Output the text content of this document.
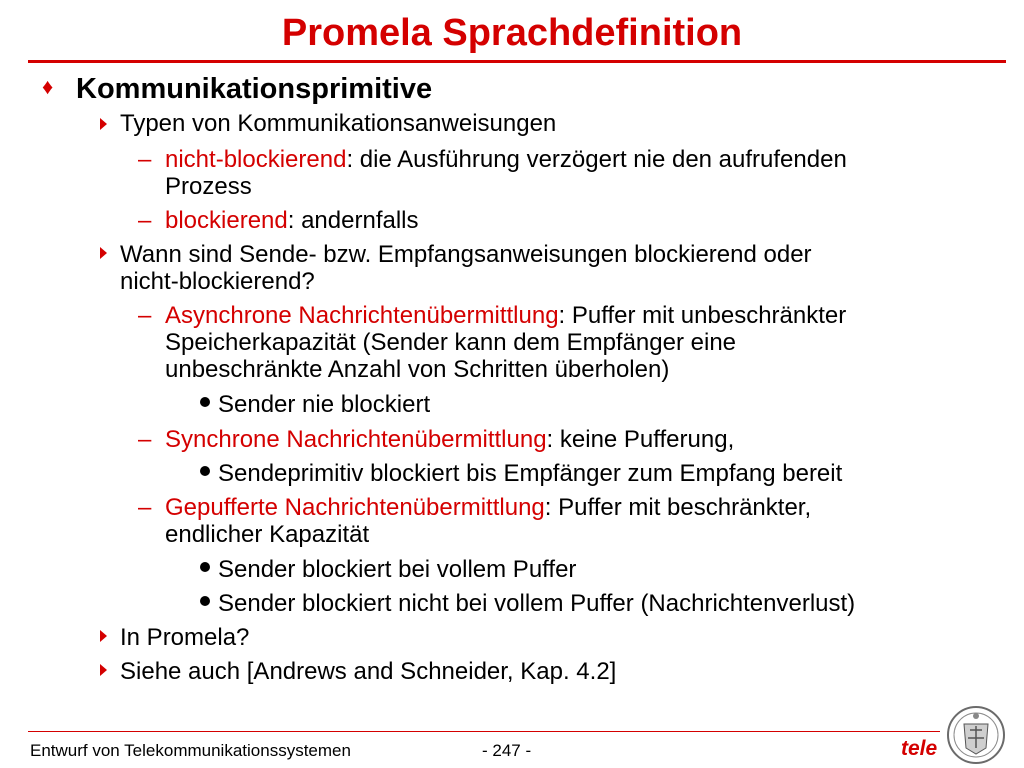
Promela Sprachdefinition
♦ Kommunikationsprimitive
Typen von Kommunikationsanweisungen
– nicht-blockierend: die Ausführung verzögert nie den aufrufenden
Prozess
– blockierend: andernfalls
Wann sind Sende- bzw. Empfangsanweisungen blockierend oder
nicht-blockierend?
– Asynchrone Nachrichtenübermittlung: Puffer mit unbeschränkter
Speicherkapazität (Sender kann dem Empfänger eine
unbeschränkte Anzahl von Schritten überholen)
Sender nie blockiert
– Synchrone Nachrichtenübermittlung: keine Pufferung,
Sendeprimitiv blockiert bis Empfänger zum Empfang bereit
– Gepufferte Nachrichtenübermittlung: Puffer mit beschränkter,
endlicher Kapazität
Sender blockiert bei vollem Puffer
Sender blockiert nicht bei vollem Puffer (Nachrichtenverlust)
In Promela?
Siehe auch [Andrews and Schneider, Kap. 4.2]
Entwurf von Telekommunikationssystemen	- 247 -	tele
